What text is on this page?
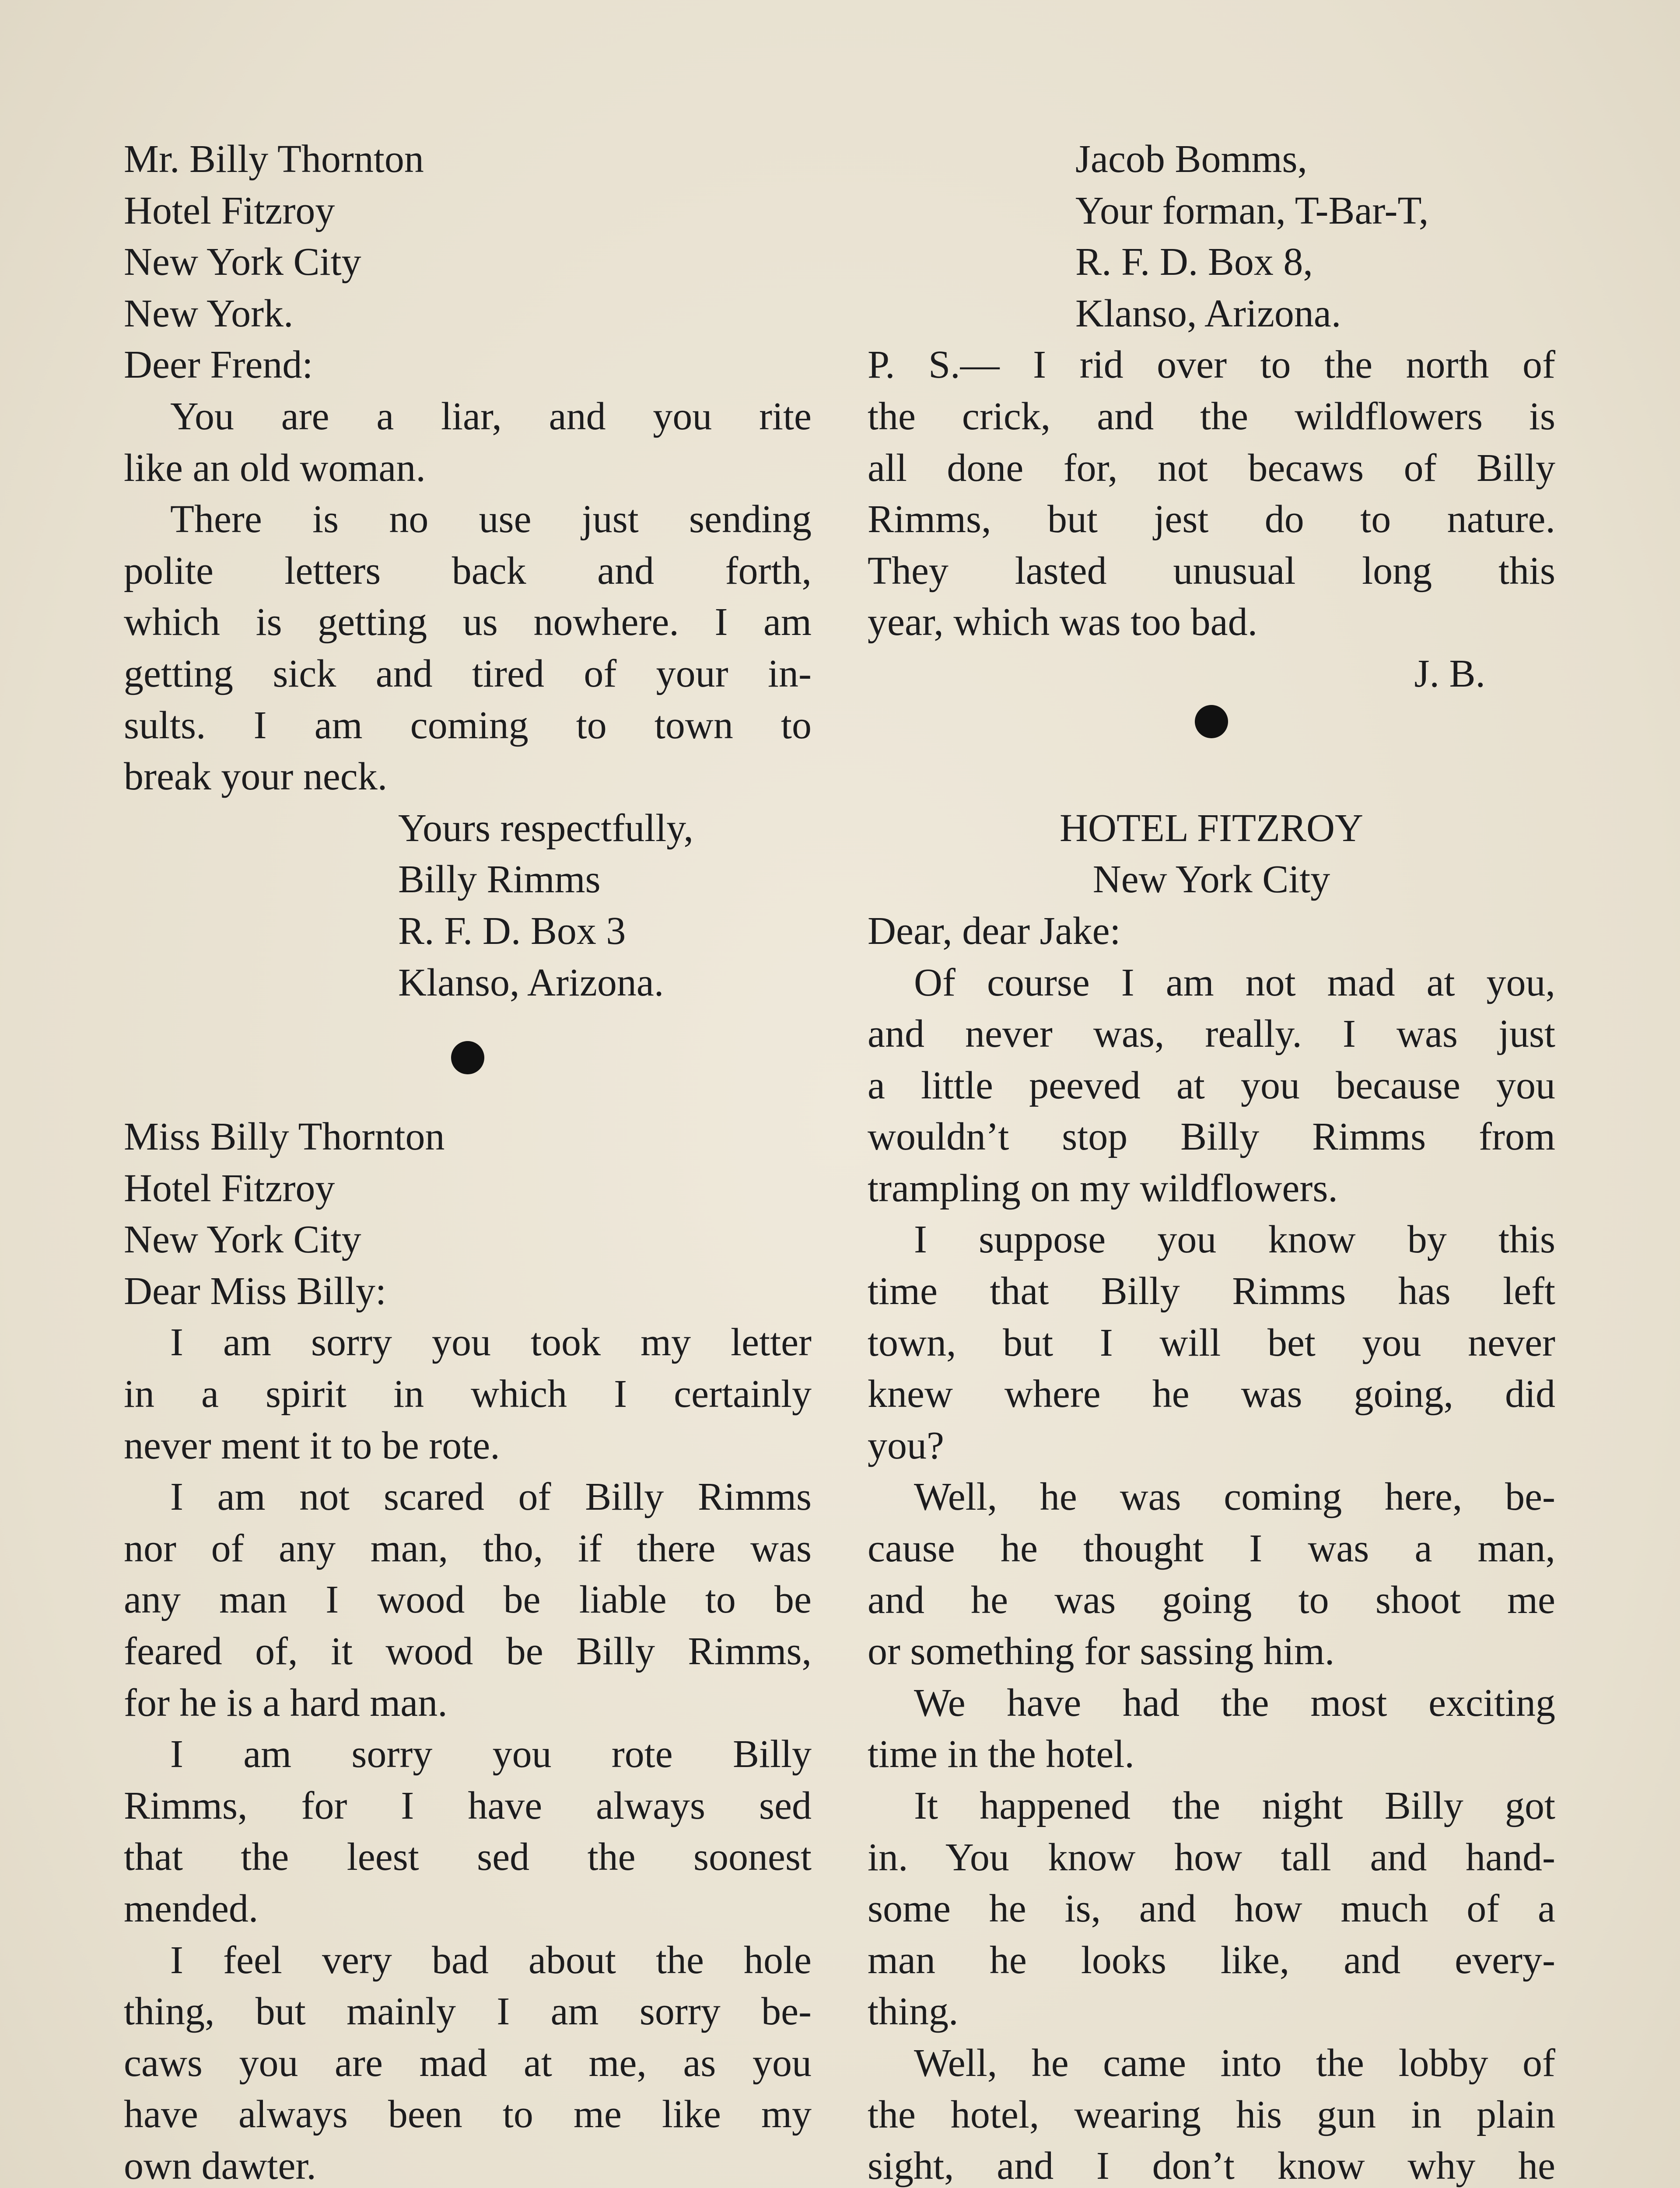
Mr. Billy Thornton
Hotel Fitzroy
New York City
New York.
Deer Frend:
You are a liar, and you rite
like an old woman.
There is no use just sending
polite letters back and forth,
which is getting us nowhere. I am
getting sick and tired of your in-
sults. I am coming to town to
break your neck.
Yours respectfully,
Billy Rimms
R. F. D. Box 3
Klanso, Arizona.
Miss Billy Thornton
Hotel Fitzroy
New York City
Dear Miss Billy:
I am sorry you took my letter
in a spirit in which I certainly
never ment it to be rote.
I am not scared of Billy Rimms
nor of any man, tho, if there was
any man I wood be liable to be
feared of, it wood be Billy Rimms,
for he is a hard man.
I am sorry you rote Billy
Rimms, for I have always sed
that the leest sed the soonest
mended.
I feel very bad about the hole
thing, but mainly I am sorry be-
caws you are mad at me, as you
have always been to me like my
own dawter.
Jacob Bomms,
Your forman, T-Bar-T,
R. F. D. Box 8,
Klanso, Arizona.
P. S.— I rid over to the north of
the crick, and the wildflowers is
all done for, not becaws of Billy
Rimms, but jest do to nature.
They lasted unusual long this
year, which was too bad.
J. B.
HOTEL FITZROY
New York City
Dear, dear Jake:
Of course I am not mad at you,
and never was, really. I was just
a little peeved at you because you
wouldn’t stop Billy Rimms from
trampling on my wildflowers.
I suppose you know by this
time that Billy Rimms has left
town, but I will bet you never
knew where he was going, did
you?
Well, he was coming here, be-
cause he thought I was a man,
and he was going to shoot me
or something for sassing him.
We have had the most exciting
time in the hotel.
It happened the night Billy got
in. You know how tall and hand-
some he is, and how much of a
man he looks like, and every-
thing.
Well, he came into the lobby of
the hotel, wearing his gun in plain
sight, and I don’t know why he
